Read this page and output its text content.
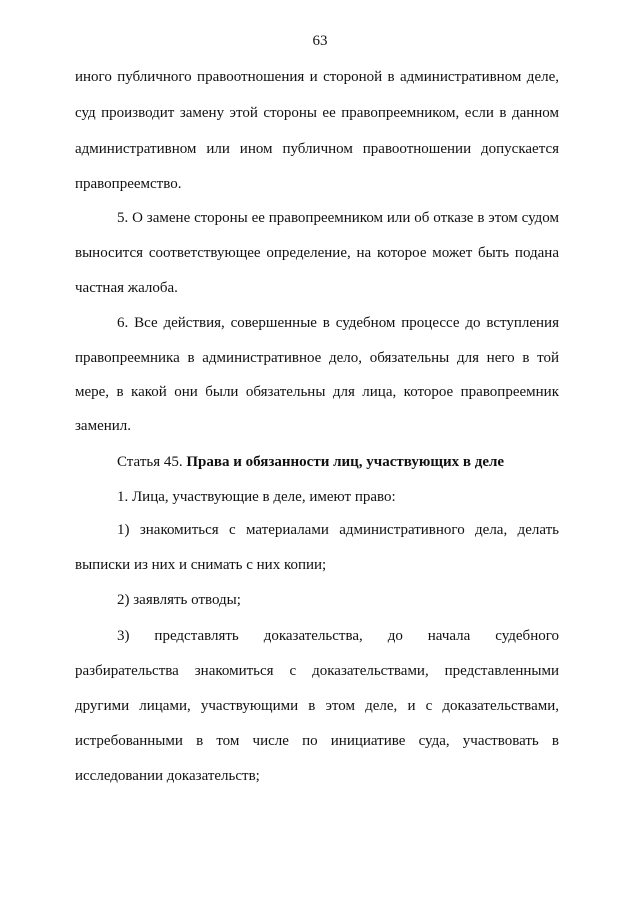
63
иного публичного правоотношения и стороной в административном деле,
суд производит замену этой стороны ее правопреемником, если в данном
административном или ином публичном правоотношении допускается
правопреемство.
5. О замене стороны ее правопреемником или об отказе в этом судом
выносится соответствующее определение, на которое может быть подана
частная жалоба.
6. Все действия, совершенные в судебном процессе до вступления
правопреемника в административное дело, обязательны для него в той
мере, в какой они были обязательны для лица, которое правопреемник
заменил.
Статья 45. Права и обязанности лиц, участвующих в деле
1. Лица, участвующие в деле, имеют право:
1) знакомиться с материалами административного дела, делать
выписки из них и снимать с них копии;
2) заявлять отводы;
3) представлять доказательства, до начала судебного
разбирательства знакомиться с доказательствами, представленными
другими лицами, участвующими в этом деле, и с доказательствами,
истребованными в том числе по инициативе суда, участвовать в
исследовании доказательств;
